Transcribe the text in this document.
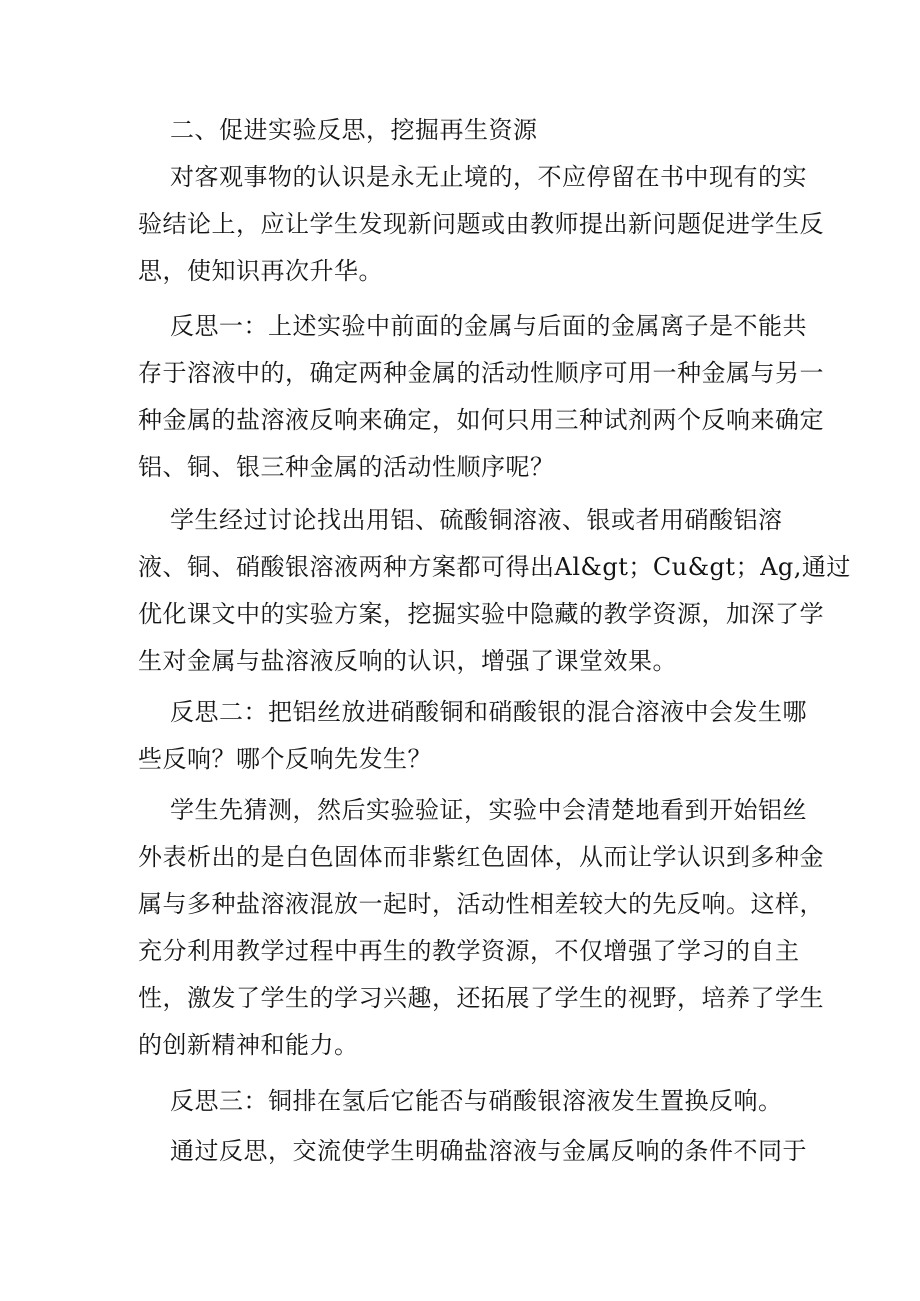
二、促进实验反思，挖掘再生资源
对客观事物的认识是永无止境的，不应停留在书中现有的实
验结论上，应让学生发现新问题或由教师提出新问题促进学生反
思，使知识再次升华。
反思一：上述实验中前面的金属与后面的金属离子是不能共
存于溶液中的，确定两种金属的活动性顺序可用一种金属与另一
种金属的盐溶液反响来确定，如何只用三种试剂两个反响来确定
铝、铜、银三种金属的活动性顺序呢？
学生经过讨论找出用铝、硫酸铜溶液、银或者用硝酸铝溶
液、铜、硝酸银溶液两种方案都可得出Al&gt；Cu&gt；Ag,通过
优化课文中的实验方案，挖掘实验中隐藏的教学资源，加深了学
生对金属与盐溶液反响的认识，增强了课堂效果。
反思二：把铝丝放进硝酸铜和硝酸银的混合溶液中会发生哪
些反响？哪个反响先发生？
学生先猜测，然后实验验证，实验中会清楚地看到开始铝丝
外表析出的是白色固体而非紫红色固体，从而让学认识到多种金
属与多种盐溶液混放一起时，活动性相差较大的先反响。这样，
充分利用教学过程中再生的教学资源，不仅增强了学习的自主
性，激发了学生的学习兴趣，还拓展了学生的视野，培养了学生
的创新精神和能力。
反思三：铜排在氢后它能否与硝酸银溶液发生置换反响。
通过反思，交流使学生明确盐溶液与金属反响的条件不同于
